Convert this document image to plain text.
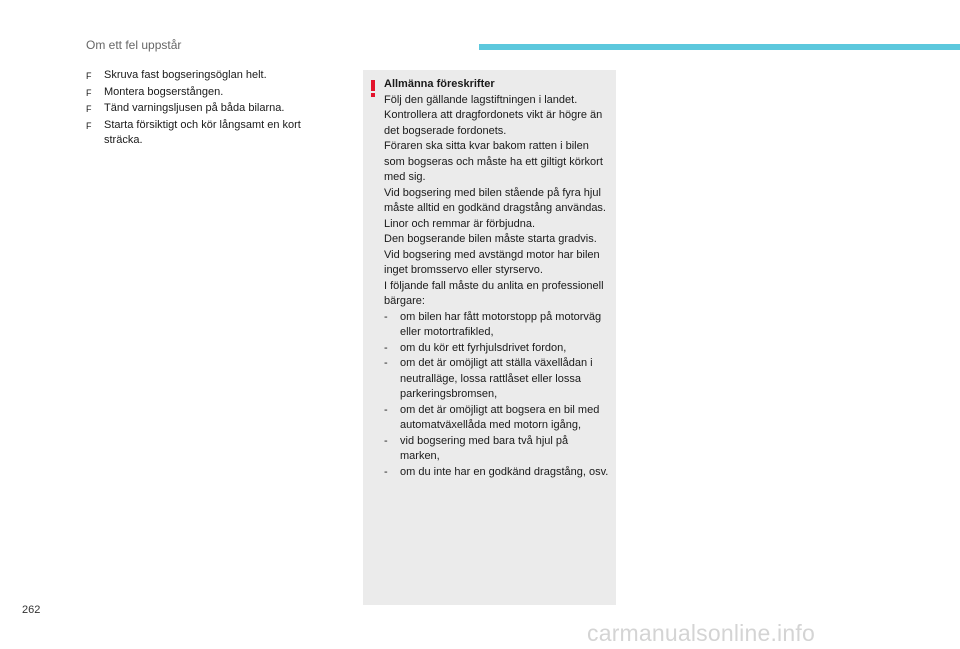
Om ett fel uppstår
F	Skruva fast bogseringsöglan helt.
F	Montera bogserstången.
F	Tänd varningsljusen på båda bilarna.
F	Starta försiktigt och kör långsamt en kort sträcka.
Allmänna föreskrifter

Följ den gällande lagstiftningen i landet.

Kontrollera att dragfordonets vikt är högre än det bogserade fordonets.

Föraren ska sitta kvar bakom ratten i bilen som bogseras och måste ha ett giltigt körkort med sig.

Vid bogsering med bilen stående på fyra hjul måste alltid en godkänd dragstång användas. Linor och remmar är förbjudna.

Den bogserande bilen måste starta gradvis.

Vid bogsering med avstängd motor har bilen inget bromsservo eller styrservo.

I följande fall måste du anlita en professionell bärgare:

-	om bilen har fått motorstopp på motorväg eller motortrafikled,
-	om du kör ett fyrhjulsdrivet fordon,
-	om det är omöjligt att ställa växellådan i neutralläge, lossa rattlåset eller lossa parkeringsbromsen,
-	om det är omöjligt att bogsera en bil med automatväxellåda med motorn igång,
-	vid bogsering med bara två hjul på marken,
-	om du inte har en godkänd dragstång, osv.
262
carmanualsonline.info
